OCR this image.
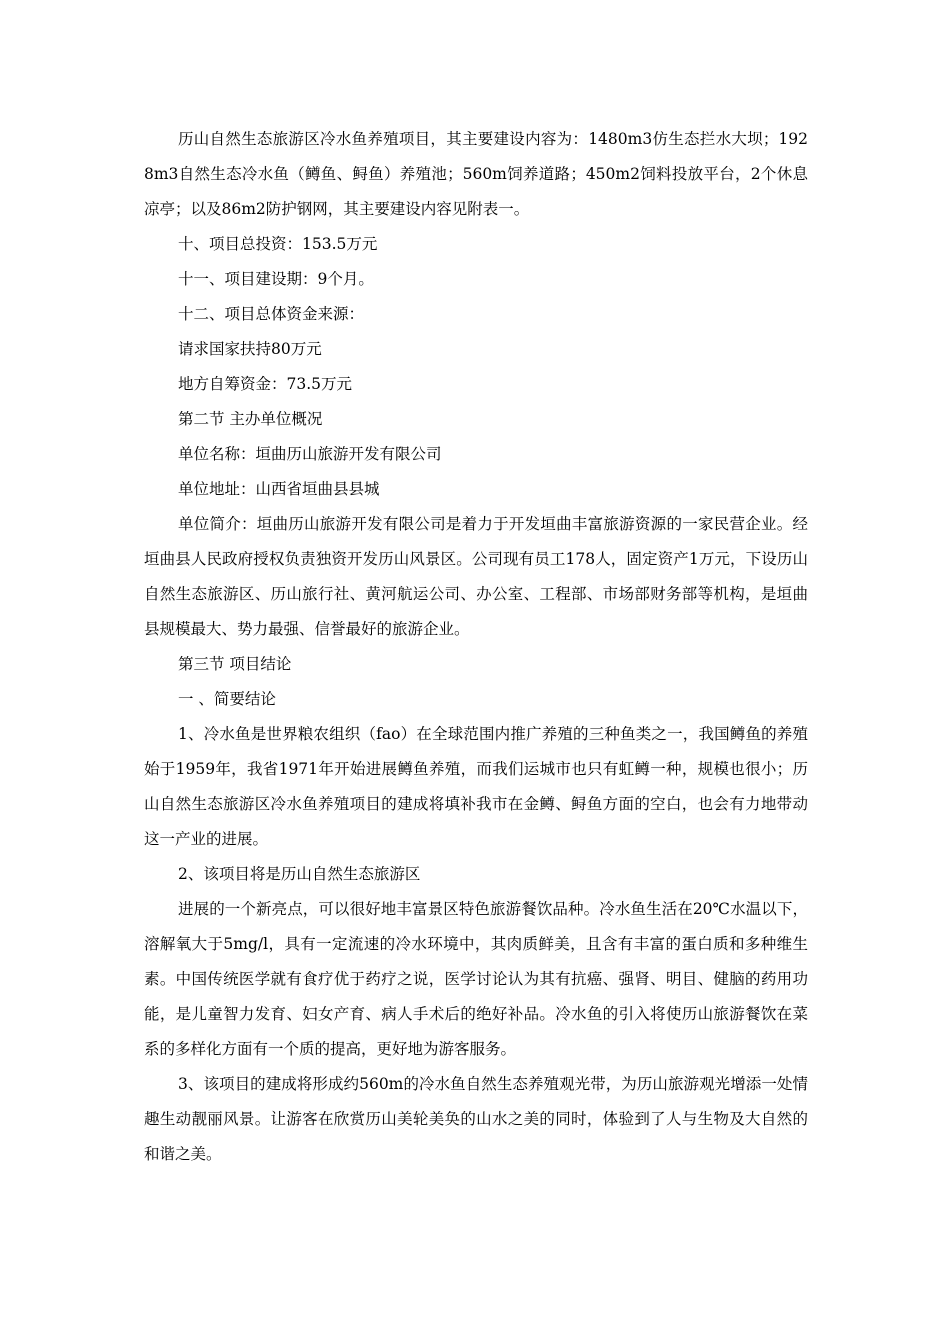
历山自然生态旅游区冷水鱼养殖项目，其主要建设内容为：1480m3仿生态拦水大坝；1928m3自然生态冷水鱼（鳟鱼、鲟鱼）养殖池；560m饲养道路；450m2饲料投放平台，2个休息凉亭；以及86m2防护钢网，其主要建设内容见附表一。

十、项目总投资：153.5万元

十一、项目建设期：9个月。

十二、项目总体资金来源：

请求国家扶持80万元

地方自筹资金：73.5万元

第二节 主办单位概况

单位名称：垣曲历山旅游开发有限公司

单位地址：山西省垣曲县县城

单位简介：垣曲历山旅游开发有限公司是着力于开发垣曲丰富旅游资源的一家民营企业。经垣曲县人民政府授权负责独资开发历山风景区。公司现有员工178人，固定资产1万元，下设历山自然生态旅游区、历山旅行社、黄河航运公司、办公室、工程部、市场部财务部等机构，是垣曲县规模最大、势力最强、信誉最好的旅游企业。

第三节 项目结论

一 、简要结论

1、冷水鱼是世界粮农组织（fao）在全球范围内推广养殖的三种鱼类之一，我国鳟鱼的养殖始于1959年，我省1971年开始进展鳟鱼养殖，而我们运城市也只有虹鳟一种，规模也很小；历山自然生态旅游区冷水鱼养殖项目的建成将填补我市在金鳟、鲟鱼方面的空白，也会有力地带动这一产业的进展。

2、该项目将是历山自然生态旅游区

进展的一个新亮点，可以很好地丰富景区特色旅游餐饮品种。冷水鱼生活在20℃水温以下，溶解氧大于5mg/l，具有一定流速的冷水环境中，其肉质鲜美，且含有丰富的蛋白质和多种维生素。中国传统医学就有食疗优于药疗之说，医学讨论认为其有抗癌、强肾、明目、健脑的药用功能，是儿童智力发育、妇女产育、病人手术后的绝好补品。冷水鱼的引入将使历山旅游餐饮在菜系的多样化方面有一个质的提高，更好地为游客服务。

3、该项目的建成将形成约560m的冷水鱼自然生态养殖观光带，为历山旅游观光增添一处情趣生动靓丽风景。让游客在欣赏历山美轮美奂的山水之美的同时，体验到了人与生物及大自然的和谐之美。
